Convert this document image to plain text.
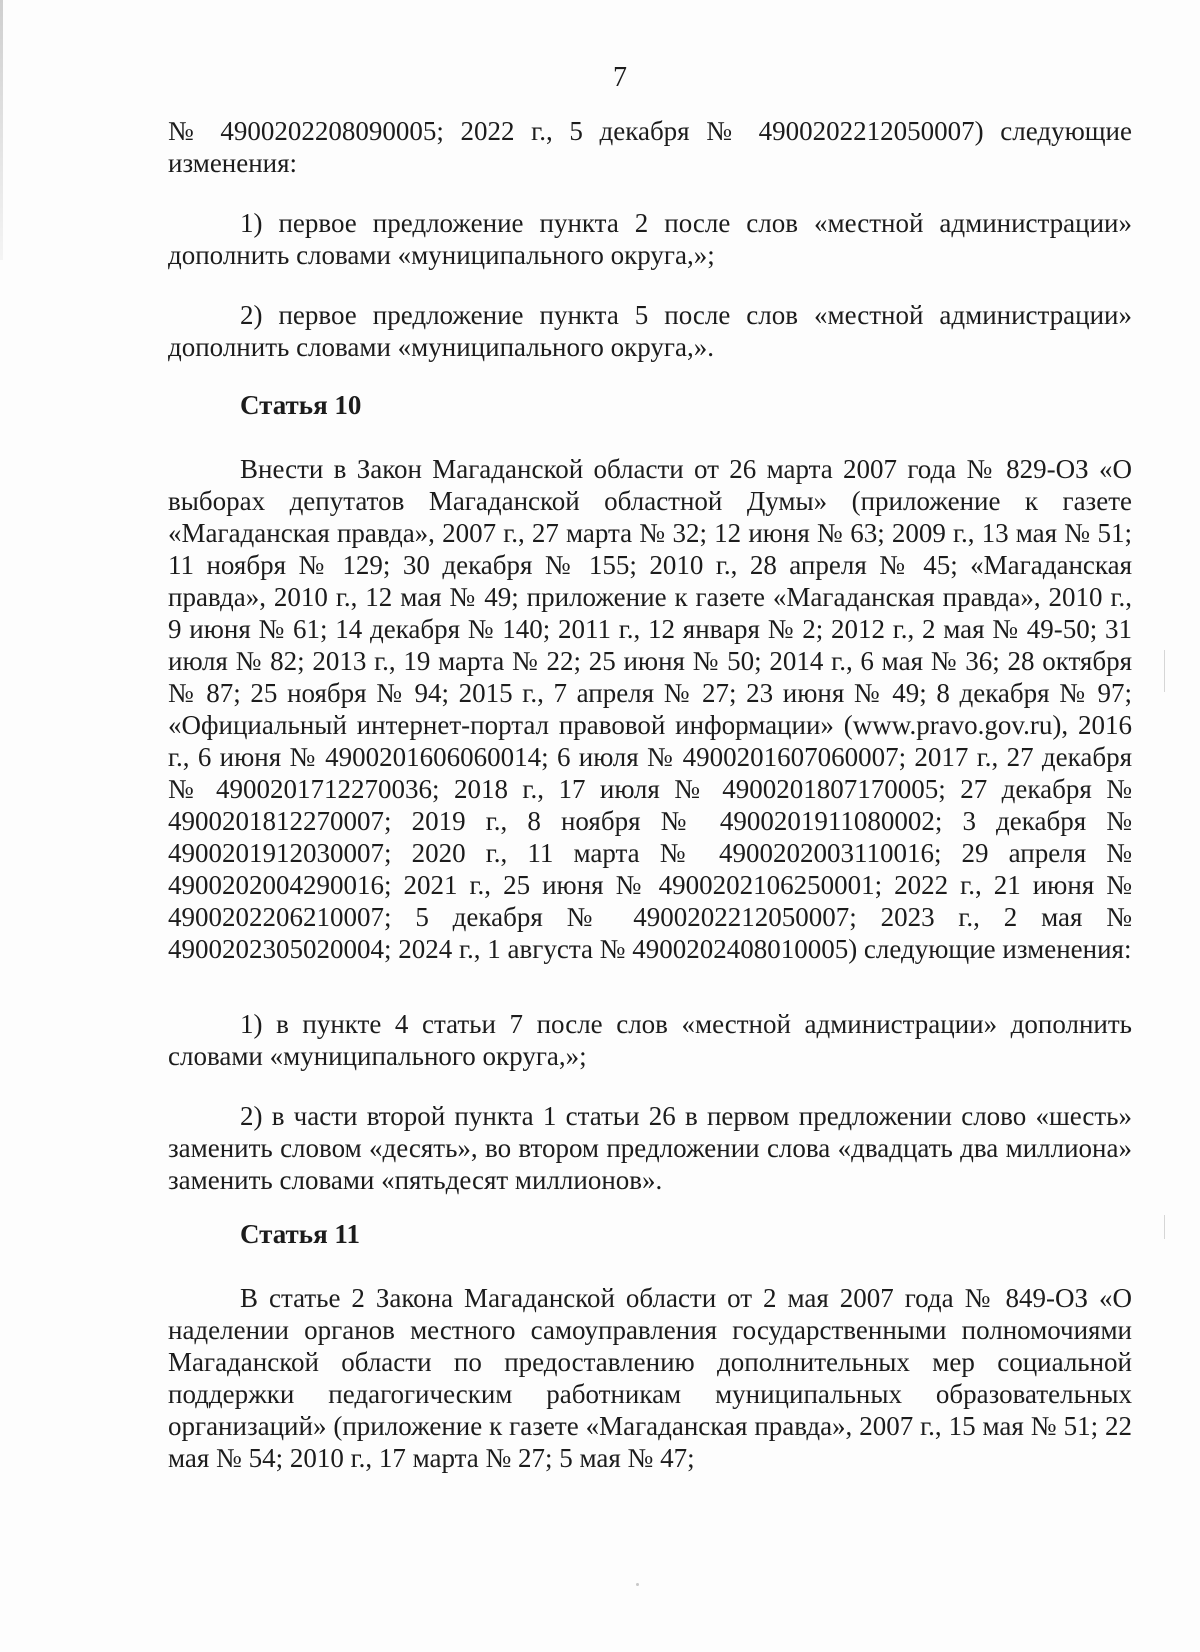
7

№ 4900202208090005; 2022 г., 5 декабря № 4900202212050007) следующие изменения:

1) первое предложение пункта 2 после слов «местной администрации» дополнить словами «муниципального округа,»;

2) первое предложение пункта 5 после слов «местной администрации» дополнить словами «муниципального округа,».

Статья 10

Внести в Закон Магаданской области от 26 марта 2007 года № 829-ОЗ «О выборах депутатов Магаданской областной Думы» (приложение к газете «Магаданская правда», 2007 г., 27 марта № 32; 12 июня № 63; 2009 г., 13 мая № 51; 11 ноября № 129; 30 декабря № 155; 2010 г., 28 апреля № 45; «Магаданская правда», 2010 г., 12 мая № 49; приложение к газете «Магаданская правда», 2010 г., 9 июня № 61; 14 декабря № 140; 2011 г., 12 января № 2; 2012 г., 2 мая № 49-50; 31 июля № 82; 2013 г., 19 марта № 22; 25 июня № 50; 2014 г., 6 мая № 36; 28 октября № 87; 25 ноября № 94; 2015 г., 7 апреля № 27; 23 июня № 49; 8 декабря № 97; «Официальный интернет-портал правовой информации» (www.pravo.gov.ru), 2016 г., 6 июня № 4900201606060014; 6 июля № 4900201607060007; 2017 г., 27 декабря № 4900201712270036; 2018 г., 17 июля № 4900201807170005; 27 декабря № 4900201812270007; 2019 г., 8 ноября № 4900201911080002; 3 декабря № 4900201912030007; 2020 г., 11 марта № 4900202003110016; 29 апреля № 4900202004290016; 2021 г., 25 июня № 4900202106250001; 2022 г., 21 июня № 4900202206210007; 5 декабря № 4900202212050007; 2023 г., 2 мая № 4900202305020004; 2024 г., 1 августа № 4900202408010005) следующие изменения:

1) в пункте 4 статьи 7 после слов «местной администрации» дополнить словами «муниципального округа,»;

2) в части второй пункта 1 статьи 26 в первом предложении слово «шесть» заменить словом «десять», во втором предложении слова «двадцать два миллиона» заменить словами «пятьдесят миллионов».

Статья 11

В статье 2 Закона Магаданской области от 2 мая 2007 года № 849-ОЗ «О наделении органов местного самоуправления государственными полномочиями Магаданской области по предоставлению дополнительных мер социальной поддержки педагогическим работникам муниципальных образовательных организаций» (приложение к газете «Магаданская правда», 2007 г., 15 мая № 51; 22 мая № 54; 2010 г., 17 марта № 27; 5 мая № 47;
